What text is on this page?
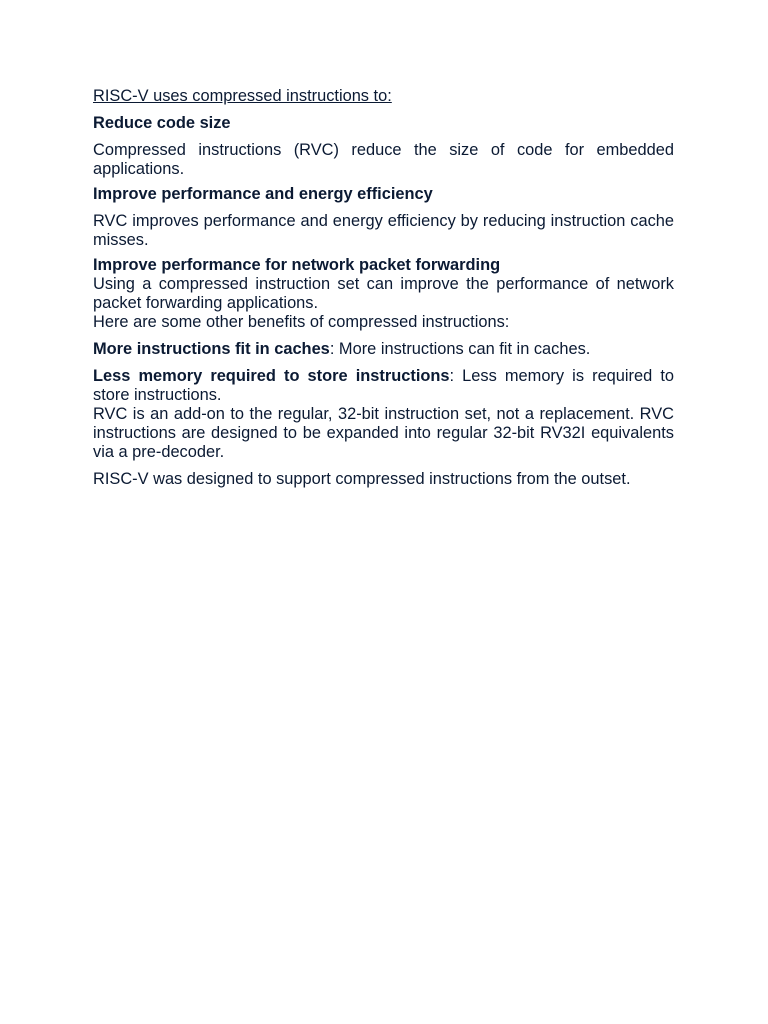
RISC-V uses compressed instructions to:

Reduce code size

Compressed instructions (RVC) reduce the size of code for embedded applications.

Improve performance and energy efficiency

RVC improves performance and energy efficiency by reducing instruction cache misses.

Improve performance for network packet forwarding

Using a compressed instruction set can improve the performance of network packet forwarding applications.

Here are some other benefits of compressed instructions:

More instructions fit in caches: More instructions can fit in caches.

Less memory required to store instructions: Less memory is required to store instructions.

RVC is an add-on to the regular, 32-bit instruction set, not a replacement. RVC instructions are designed to be expanded into regular 32-bit RV32I equivalents via a pre-decoder.

RISC-V was designed to support compressed instructions from the outset.
